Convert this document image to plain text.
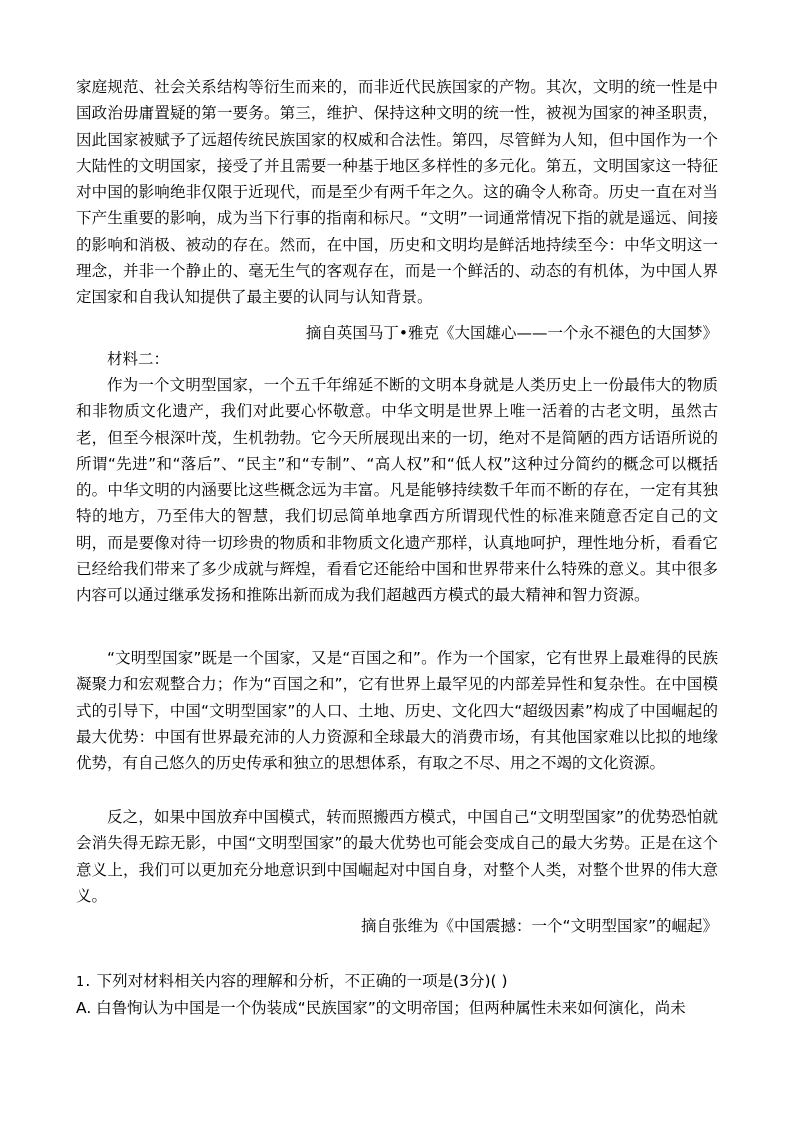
家庭规范、社会关系结构等衍生而来的，而非近代民族国家的产物。其次，文明的统一性是中国政治毋庸置疑的第一要务。第三，维护、保持这种文明的统一性，被视为国家的神圣职责，因此国家被赋予了远超传统民族国家的权威和合法性。第四，尽管鲜为人知，但中国作为一个大陆性的文明国家，接受了并且需要一种基于地区多样性的多元化。第五，文明国家这一特征对中国的影响绝非仅限于近现代，而是至少有两千年之久。这的确令人称奇。历史一直在对当下产生重要的影响，成为当下行事的指南和标尺。“文明”一词通常情况下指的就是遥远、间接的影响和消极、被动的存在。然而，在中国，历史和文明均是鲜活地持续至今：中华文明这一理念，并非一个静止的、毫无生气的客观存在，而是一个鲜活的、动态的有机体，为中国人界定国家和自我认知提供了最主要的认同与认知背景。

摘自英国马丁•雅克《大国雄心——一个永不褪色的大国梦》

材料二：

作为一个文明型国家，一个五千年绵延不断的文明本身就是人类历史上一份最伟大的物质和非物质文化遗产，我们对此要心怀敬意。中华文明是世界上唯一活着的古老文明，虽然古老，但至今根深叶茂，生机勃勃。它今天所展现出来的一切，绝对不是简陋的西方话语所说的所谓“先进”和“落后”、“民主”和“专制”、“高人权”和“低人权”这种过分简约的概念可以概括的。中华文明的内涵要比这些概念远为丰富。凡是能够持续数千年而不断的存在，一定有其独特的地方，乃至伟大的智慧，我们切忌简单地拿西方所谓现代性的标准来随意否定自己的文明，而是要像对待一切珍贵的物质和非物质文化遗产那样，认真地呵护，理性地分析，看看它已经给我们带来了多少成就与辉煌，看看它还能给中国和世界带来什么特殊的意义。其中很多内容可以通过继承发扬和推陈出新而成为我们超越西方模式的最大精神和智力资源。

“文明型国家”既是一个国家，又是“百国之和”。作为一个国家，它有世界上最难得的民族凝聚力和宏观整合力；作为“百国之和”，它有世界上最罕见的内部差异性和复杂性。在中国模式的引导下，中国“文明型国家”的人口、土地、历史、文化四大“超级因素”构成了中国崛起的最大优势：中国有世界最充沛的人力资源和全球最大的消费市场，有其他国家难以比拟的地缘优势，有自己悠久的历史传承和独立的思想体系，有取之不尽、用之不竭的文化资源。

反之，如果中国放弃中国模式，转而照搬西方模式，中国自己“文明型国家”的优势恐怕就会消失得无踪无影，中国“文明型国家”的最大优势也可能会变成自己的最大劣势。正是在这个意义上，我们可以更加充分地意识到中国崛起对中国自身，对整个人类，对整个世界的伟大意义。

摘自张维为《中国震撼：一个“文明型国家”的崛起》

1. 下列对材料相关内容的理解和分析，不正确的一项是(3分)( )

A. 白鲁恂认为中国是一个伪装成“民族国家”的文明帝国；但两种属性未来如何演化，尚未
